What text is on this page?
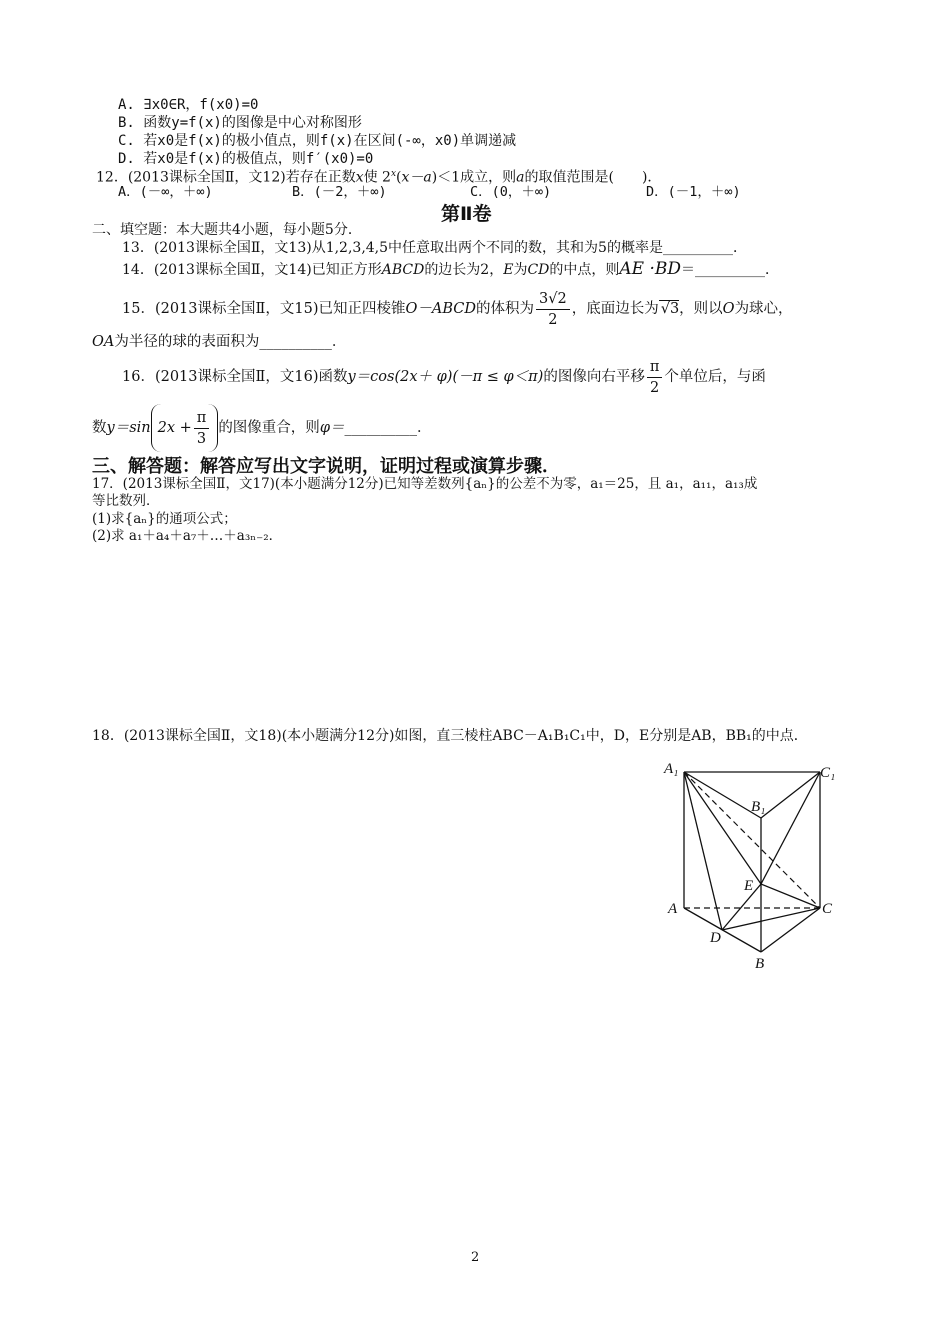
A. ∃x0∈R，f(x0)=0
B. 函数y=f(x)的图像是中心对称图形
C. 若x0是f(x)的极小值点，则f(x)在区间(-∞，x0)单调递减
D. 若x0是f(x)的极值点，则f′(x0)=0
12．(2013课标全国Ⅱ，文12)若存在正数x使 $2^x(x-a)<1$成立，则a的取值范围是(　　)．
A．(－∞，＋∞)	B．(－2，＋∞)	C．(0，＋∞)	D．(－1，＋∞)
第Ⅱ卷
二、填空题：本大题共4小题，每小题5分．
13．(2013课标全国Ⅱ，文13)从1,2,3,4,5中任意取出两个不同的数，其和为5的概率是__________．
14．(2013课标全国Ⅱ，文14)已知正方形ABCD的边长为2，E为CD的中点，则AE ·BD＝__________．
15．(2013课标全国Ⅱ，文15)已知正四棱锥O－ABCD的体积为 $\frac{3√2}{2}$ ，底面边长为 √3，则以O为球心，
OA为半径的球的表面积为__________．
16．(2013课标全国Ⅱ，文16)函数y＝cos(2x＋ φ)(－π ≤ φ＜π)的图像向右平移 $\frac{\pi}{2}$ 个单位后，与函
数y＝sin $2x + \frac{\pi}{3}$ 的图像重合，则φ＝__________．
三、解答题：解答应写出文字说明，证明过程或演算步骤．
17．(2013课标全国Ⅱ，文17)(本小题满分12分)已知等差数列{aₙ}的公差不为零，a₁＝25，且 a₁，a₁₁，a₁₃成
等比数列．
(1)求{aₙ}的通项公式；
(2)求 a₁＋a₄＋a₇＋…＋a₃ₙ₋₂．
18．(2013课标全国Ⅱ，文18)(本小题满分12分)如图，直三棱柱ABC－A₁B₁C₁中，D，E分别是AB，BB₁的中点．
A₁	C₁
B₁
E
A	C
D
B
2
